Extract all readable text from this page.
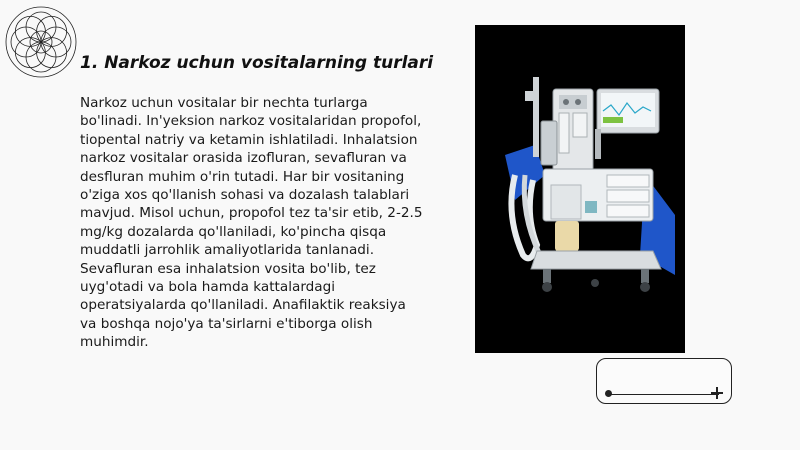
1. Narkoz uchun vositalarning turlari

Narkoz uchun vositalar bir nechta turlarga bo'linadi. In'yeksion narkoz vositalaridan propofol, tiopental natriy va ketamin ishlatiladi. Inhalatsion narkoz vositalar orasida izofluran, sevafluran va desfluran muhim o'rin tutadi. Har bir vositaning o'ziga xos qo'llanish sohasi va dozalash talablari mavjud. Misol uchun, propofol tez ta'sir etib, 2-2.5 mg/kg dozalarda qo'llaniladi, ko'pincha qisqa muddatli jarrohlik amaliyotlarida tanlanadi. Sevafluran esa inhalatsion vosita bo'lib, tez uyg'otadi va bola hamda kattalardagi operatsiyalarda qo'llaniladi. Anafilaktik reaksiya va boshqa nojo'ya ta'sirlarni e'tiborga olish muhimdir.
